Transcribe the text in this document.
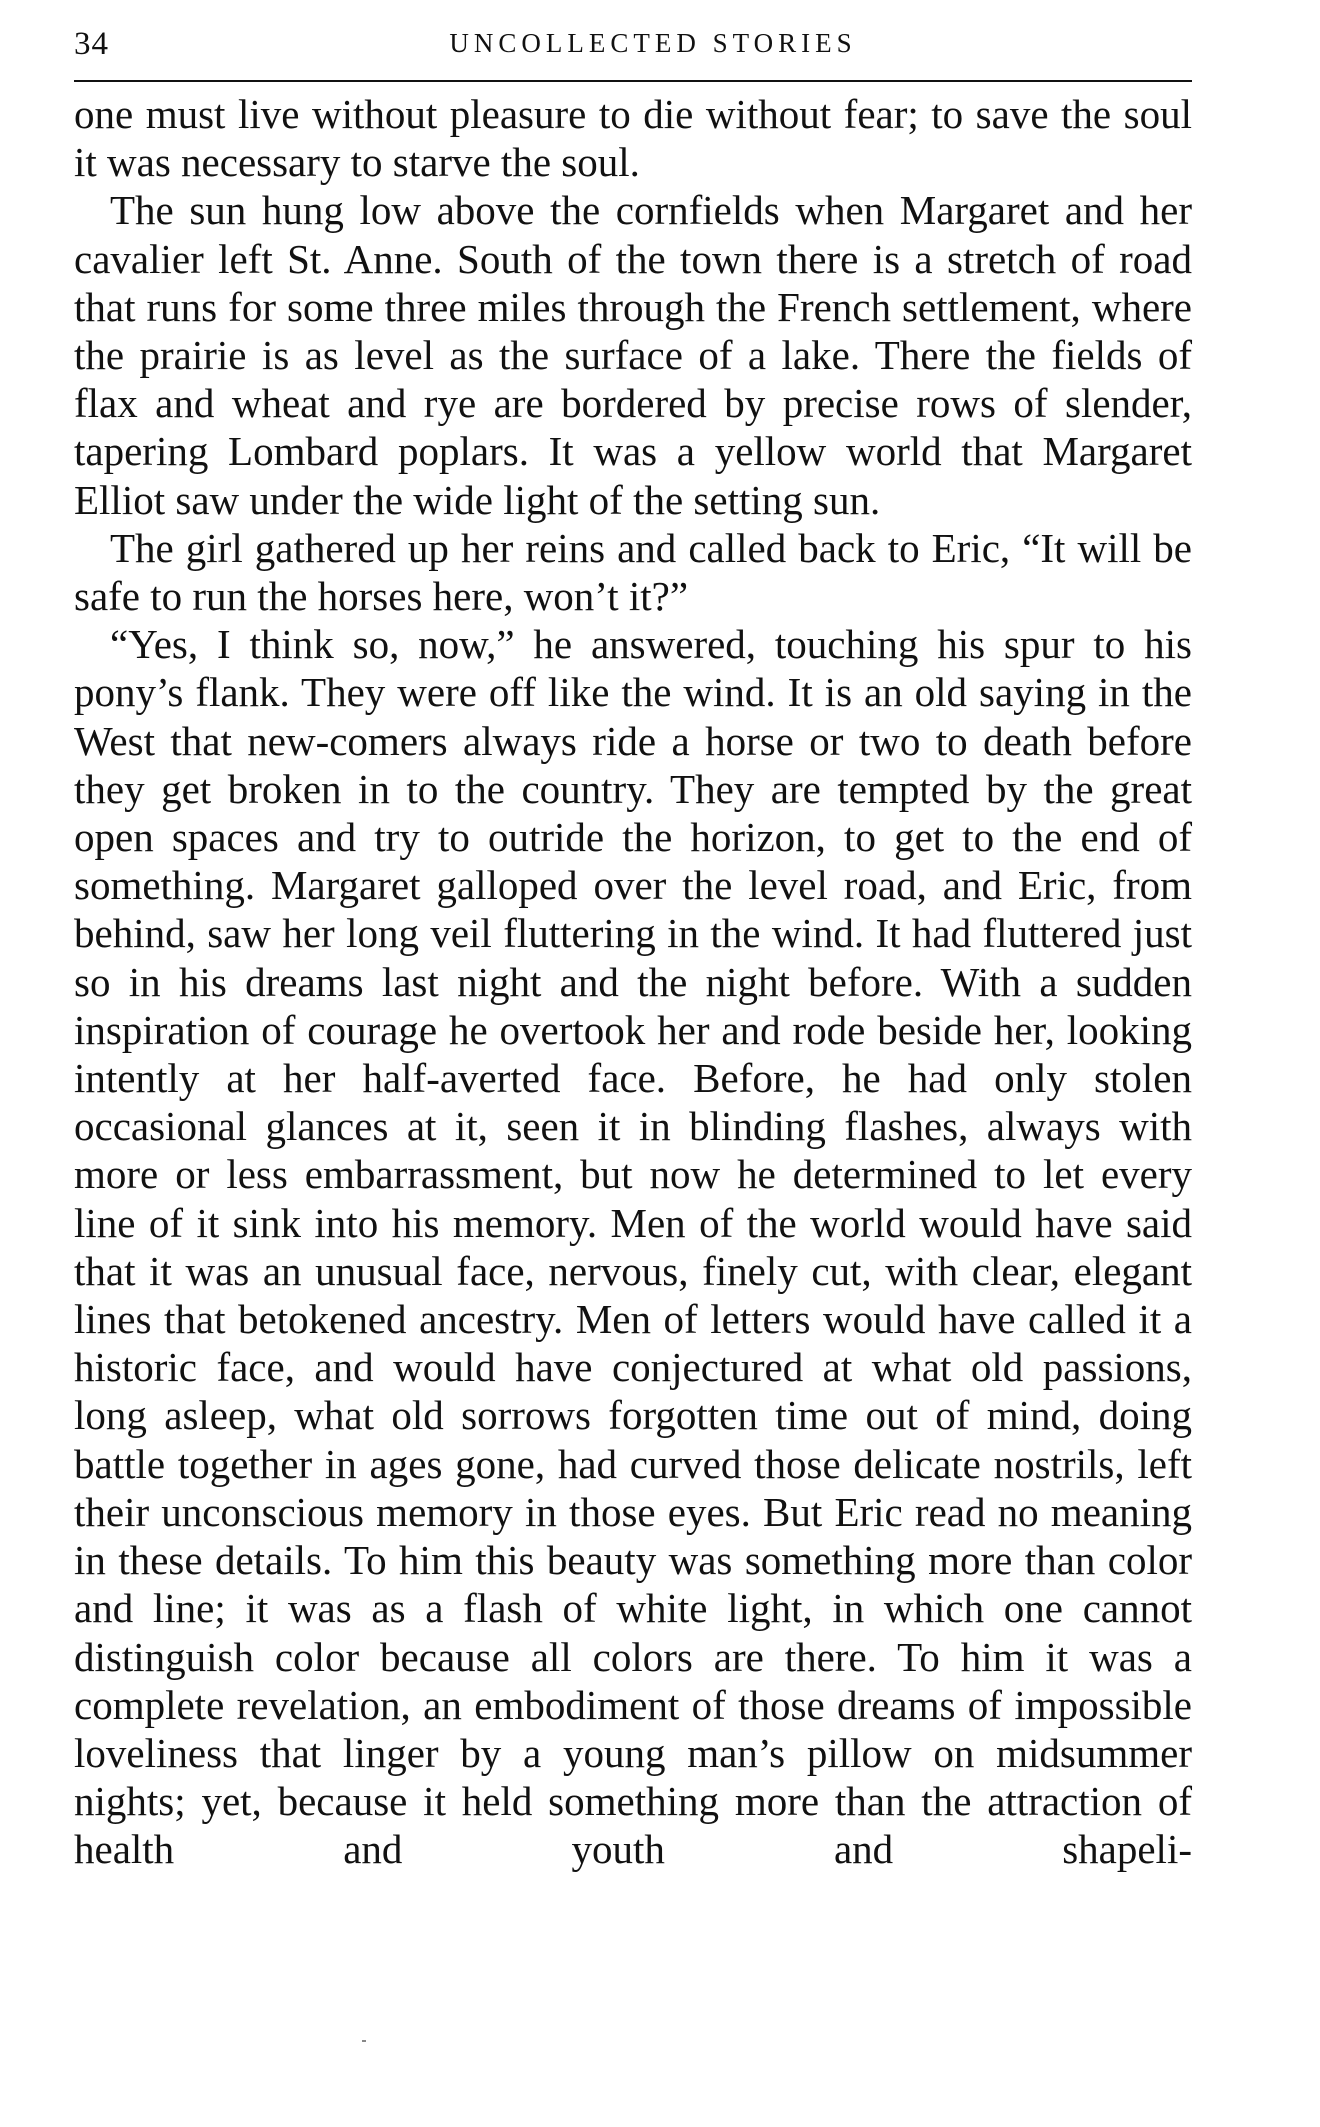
34	UNCOLLECTED STORIES

one must live without pleasure to die without fear; to save the soul it was necessary to starve the soul.

The sun hung low above the cornfields when Margaret and her cavalier left St. Anne. South of the town there is a stretch of road that runs for some three miles through the French settlement, where the prairie is as level as the surface of a lake. There the fields of flax and wheat and rye are bordered by precise rows of slender, tapering Lombard poplars. It was a yellow world that Margaret Elliot saw under the wide light of the setting sun.

The girl gathered up her reins and called back to Eric, “It will be safe to run the horses here, won’t it?”

“Yes, I think so, now,” he answered, touching his spur to his pony’s flank. They were off like the wind. It is an old saying in the West that new-comers always ride a horse or two to death before they get broken in to the country. They are tempted by the great open spaces and try to outride the horizon, to get to the end of something. Margaret galloped over the level road, and Eric, from behind, saw her long veil fluttering in the wind. It had fluttered just so in his dreams last night and the night before. With a sudden inspiration of courage he overtook her and rode beside her, looking intently at her half-averted face. Before, he had only stolen occasional glances at it, seen it in blinding flashes, always with more or less embarrassment, but now he determined to let every line of it sink into his memory. Men of the world would have said that it was an unusual face, nervous, finely cut, with clear, elegant lines that betokened ancestry. Men of letters would have called it a historic face, and would have conjectured at what old passions, long asleep, what old sorrows forgotten time out of mind, doing battle together in ages gone, had curved those delicate nostrils, left their unconscious memory in those eyes. But Eric read no meaning in these details. To him this beauty was something more than color and line; it was as a flash of white light, in which one cannot distinguish color because all colors are there. To him it was a complete revelation, an embodiment of those dreams of impossible loveliness that linger by a young man’s pillow on midsummer nights; yet, because it held something more than the attraction of health and youth and shapeli-
